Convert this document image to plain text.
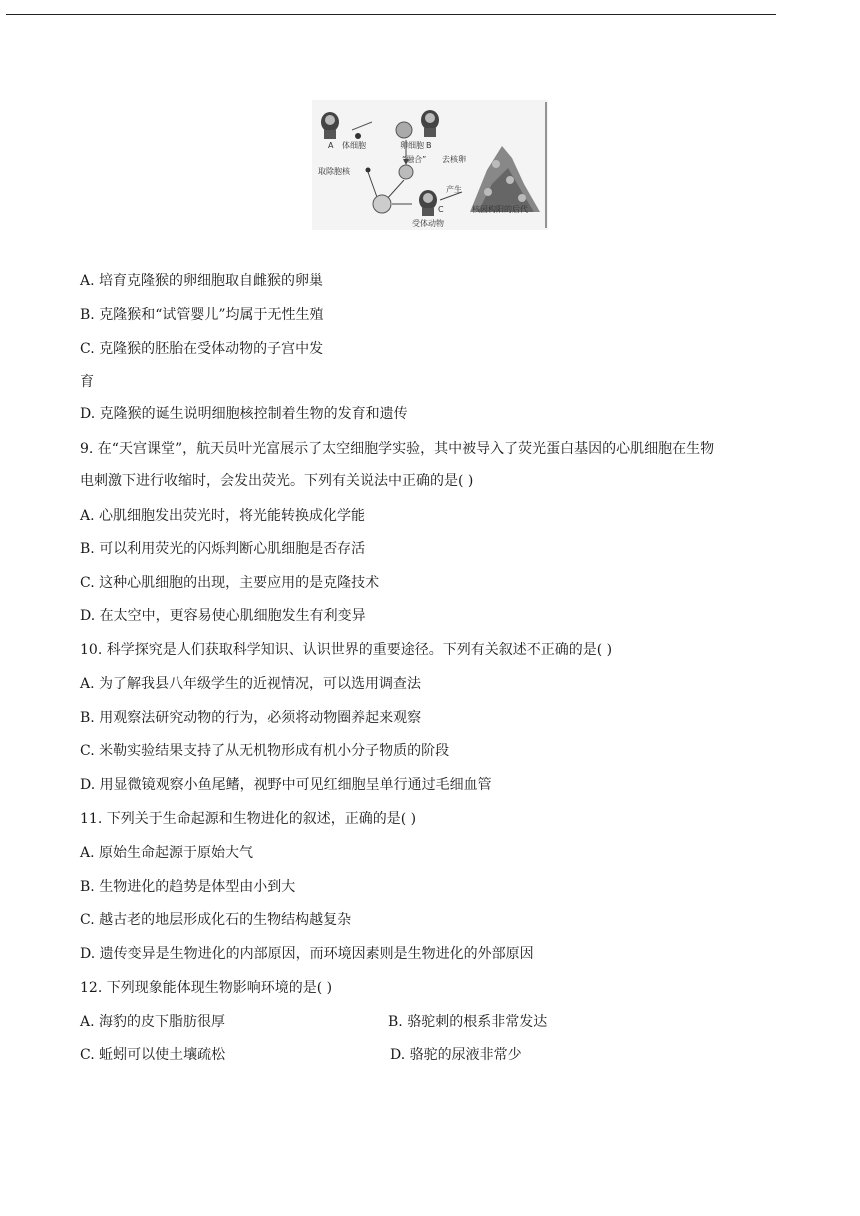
A 体细胞	卵细胞 B
取除胞核
“融合” 去核卵
C
受体动物
产生
核因构阳的后代
A. 培育克隆猴的卵细胞取自雌猴的卵巢
B. 克隆猴和“试管婴儿”均属于无性生殖
C. 克隆猴的胚胎在受体动物的子宫中发
育
D. 克隆猴的诞生说明细胞核控制着生物的发育和遗传
9. 在“天宫课堂”，航天员叶光富展示了太空细胞学实验，其中被导入了荧光蛋白基因的心肌细胞在生物
电刺激下进行收缩时，会发出荧光。下列有关说法中正确的是( )
A. 心肌细胞发出荧光时，将光能转换成化学能
B. 可以利用荧光的闪烁判断心肌细胞是否存活
C. 这种心肌细胞的出现，主要应用的是克隆技术
D. 在太空中，更容易使心肌细胞发生有利变异
10. 科学探究是人们获取科学知识、认识世界的重要途径。下列有关叙述不正确的是( )
A. 为了解我县八年级学生的近视情况，可以选用调查法
B. 用观察法研究动物的行为，必须将动物圈养起来观察
C. 米勒实验结果支持了从无机物形成有机小分子物质的阶段
D. 用显微镜观察小鱼尾鳍，视野中可见红细胞呈单行通过毛细血管
11. 下列关于生命起源和生物进化的叙述，正确的是( )
A. 原始生命起源于原始大气
B. 生物进化的趋势是体型由小到大
C. 越古老的地层形成化石的生物结构越复杂
D. 遗传变异是生物进化的内部原因，而环境因素则是生物进化的外部原因
12. 下列现象能体现生物影响环境的是( )
A. 海豹的皮下脂肪很厚	B. 骆驼刺的根系非常发达
C. 蚯蚓可以使土壤疏松	D. 骆驼的尿液非常少
